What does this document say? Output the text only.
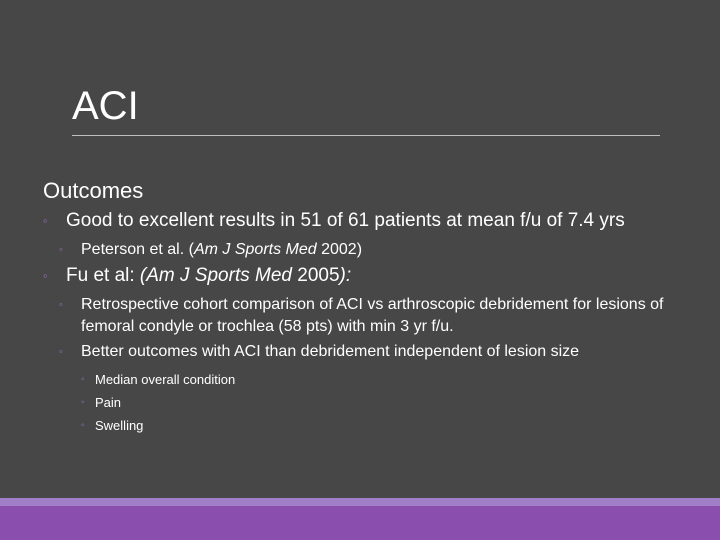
ACI
Outcomes
◦ Good to excellent results in 51 of 61 patients at mean f/u of 7.4 yrs
◦ Peterson et al. (Am J Sports Med 2002)
◦ Fu et al: (Am J Sports Med 2005):
◦ Retrospective cohort comparison of ACI vs arthroscopic debridement for lesions of femoral condyle or trochlea (58 pts) with min 3 yr f/u.
◦ Better outcomes with ACI than debridement independent of lesion size
◦ Median overall condition
◦ Pain
◦ Swelling
